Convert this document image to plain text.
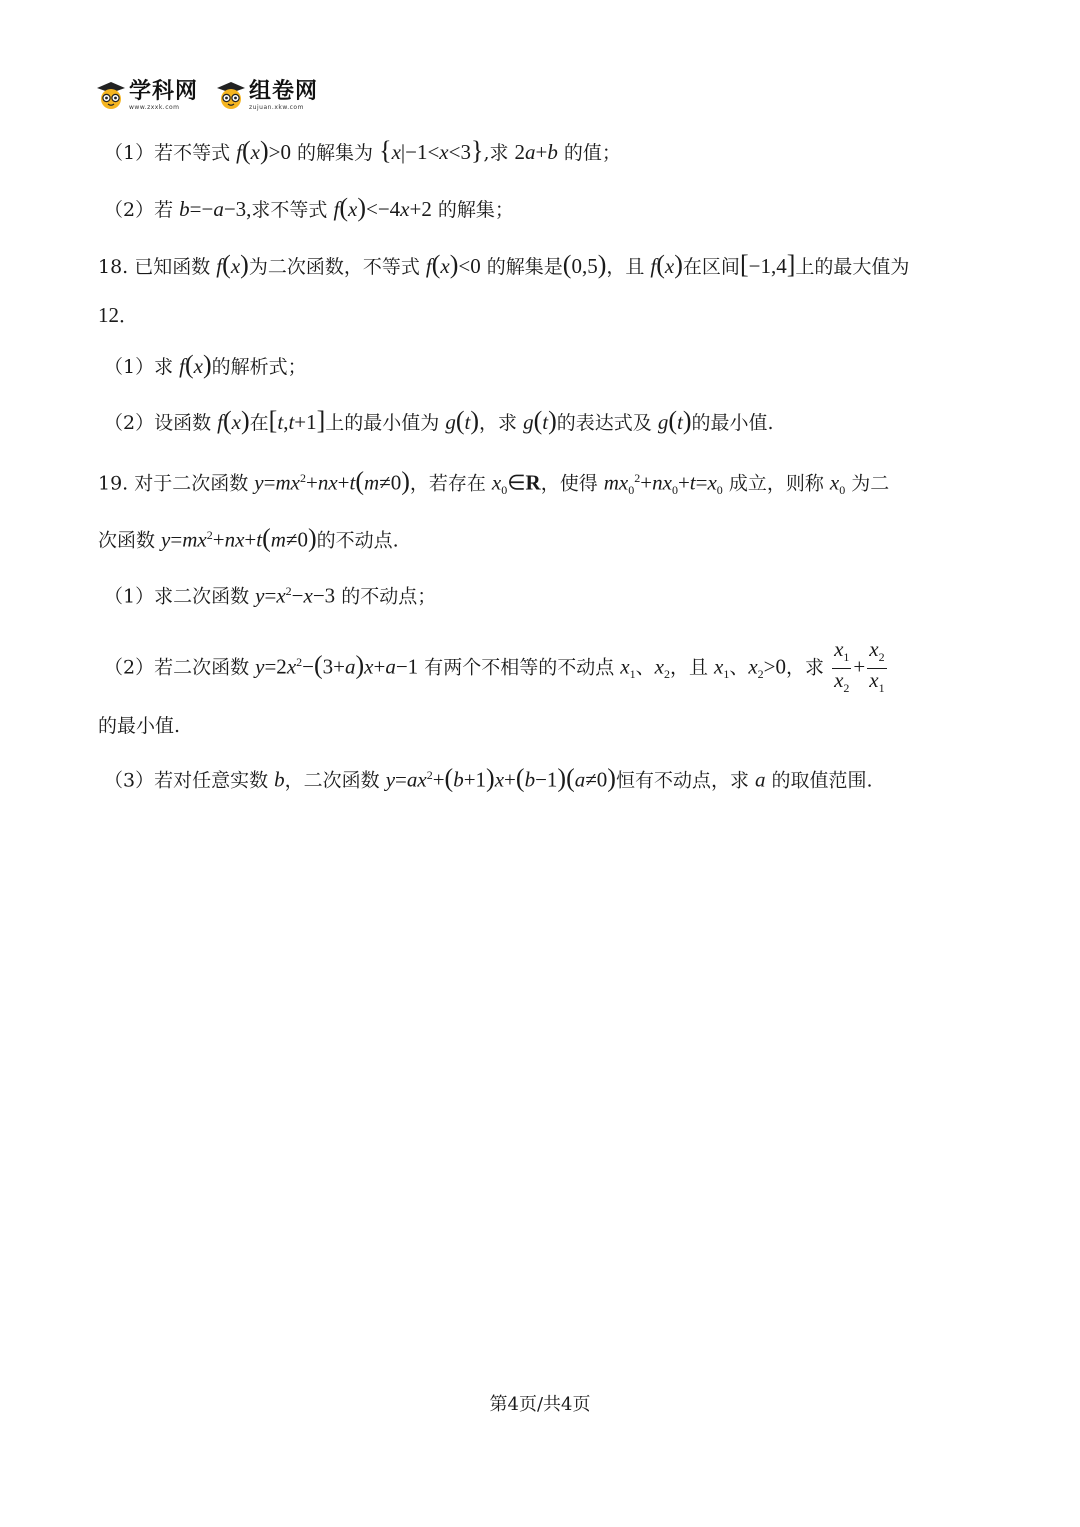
学科网
www.zxxk.com
组卷网
zujuan.xkw.com
（1）若不等式 f(x)>0 的解集为 {x|−1<x<3},求 2a+b 的值；
（2）若 b=−a−3,求不等式 f(x)<−4x+2 的解集；
18. 已知函数 f(x)为二次函数，不等式 f(x)<0 的解集是(0,5)，且 f(x)在区间[−1,4]上的最大值为
12．
（1）求 f(x)的解析式；
（2）设函数 f(x)在[t,t+1]上的最小值为 g(t)，求 g(t)的表达式及 g(t)的最小值.
19. 对于二次函数 $y=mx^2+nx+t(m\ne 0)$，若存在 $x_0\in R$，使得 $mx_0^2+nx_0+t=x_0$ 成立，则称 $x_0$ 为二
次函数 $y=mx^2+nx+t(m\ne 0)$的不动点.
（1）求二次函数 $y=x^2-x-3$ 的不动点；
（2）若二次函数 $y=2x^2-(3+a)x+a-1$ 有两个不相等的不动点 $x_1$、$x_2$，且 $x_1$、$x_2>0$，求 $\frac{x_1}{x_2} + \frac{x_2}{x_1}$
的最小值.
（3）若对任意实数 b，二次函数 $y=ax^2+(b+1)x+(b-1)(a\ne 0)$恒有不动点，求 a 的取值范围.
第4页/共4页
